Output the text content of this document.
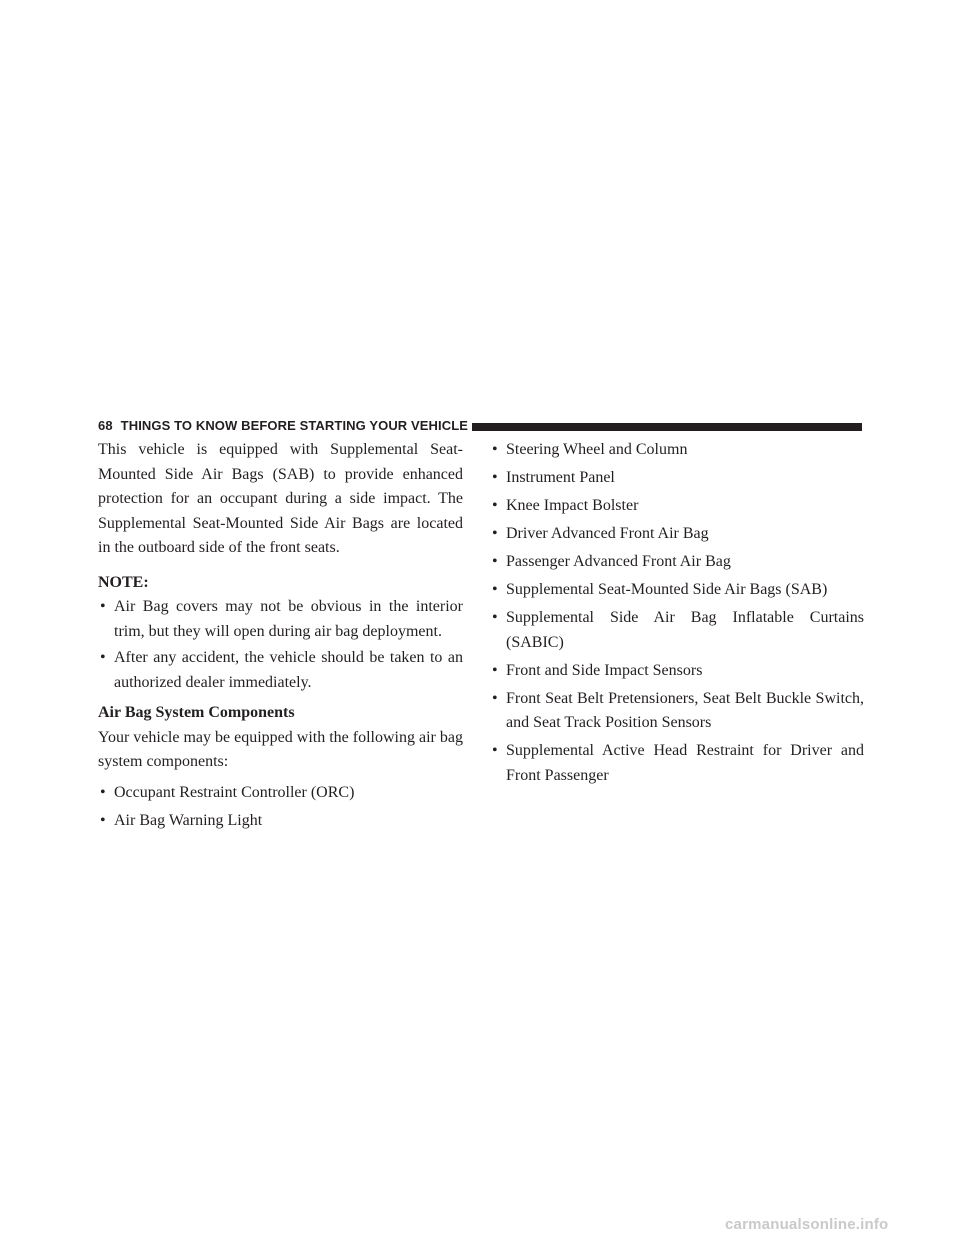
68 THINGS TO KNOW BEFORE STARTING YOUR VEHICLE

This vehicle is equipped with Supplemental Seat-Mounted Side Air Bags (SAB) to provide enhanced protection for an occupant during a side impact. The Supplemental Seat-Mounted Side Air Bags are located in the outboard side of the front seats.

NOTE:

• Air Bag covers may not be obvious in the interior trim, but they will open during air bag deployment.
• After any accident, the vehicle should be taken to an authorized dealer immediately.

Air Bag System Components

Your vehicle may be equipped with the following air bag system components:

• Occupant Restraint Controller (ORC)
• Air Bag Warning Light
• Steering Wheel and Column
• Instrument Panel
• Knee Impact Bolster
• Driver Advanced Front Air Bag
• Passenger Advanced Front Air Bag
• Supplemental Seat-Mounted Side Air Bags (SAB)
• Supplemental Side Air Bag Inflatable Curtains (SABIC)
• Front and Side Impact Sensors
• Front Seat Belt Pretensioners, Seat Belt Buckle Switch, and Seat Track Position Sensors
• Supplemental Active Head Restraint for Driver and Front Passenger
carmanualsonline.info
